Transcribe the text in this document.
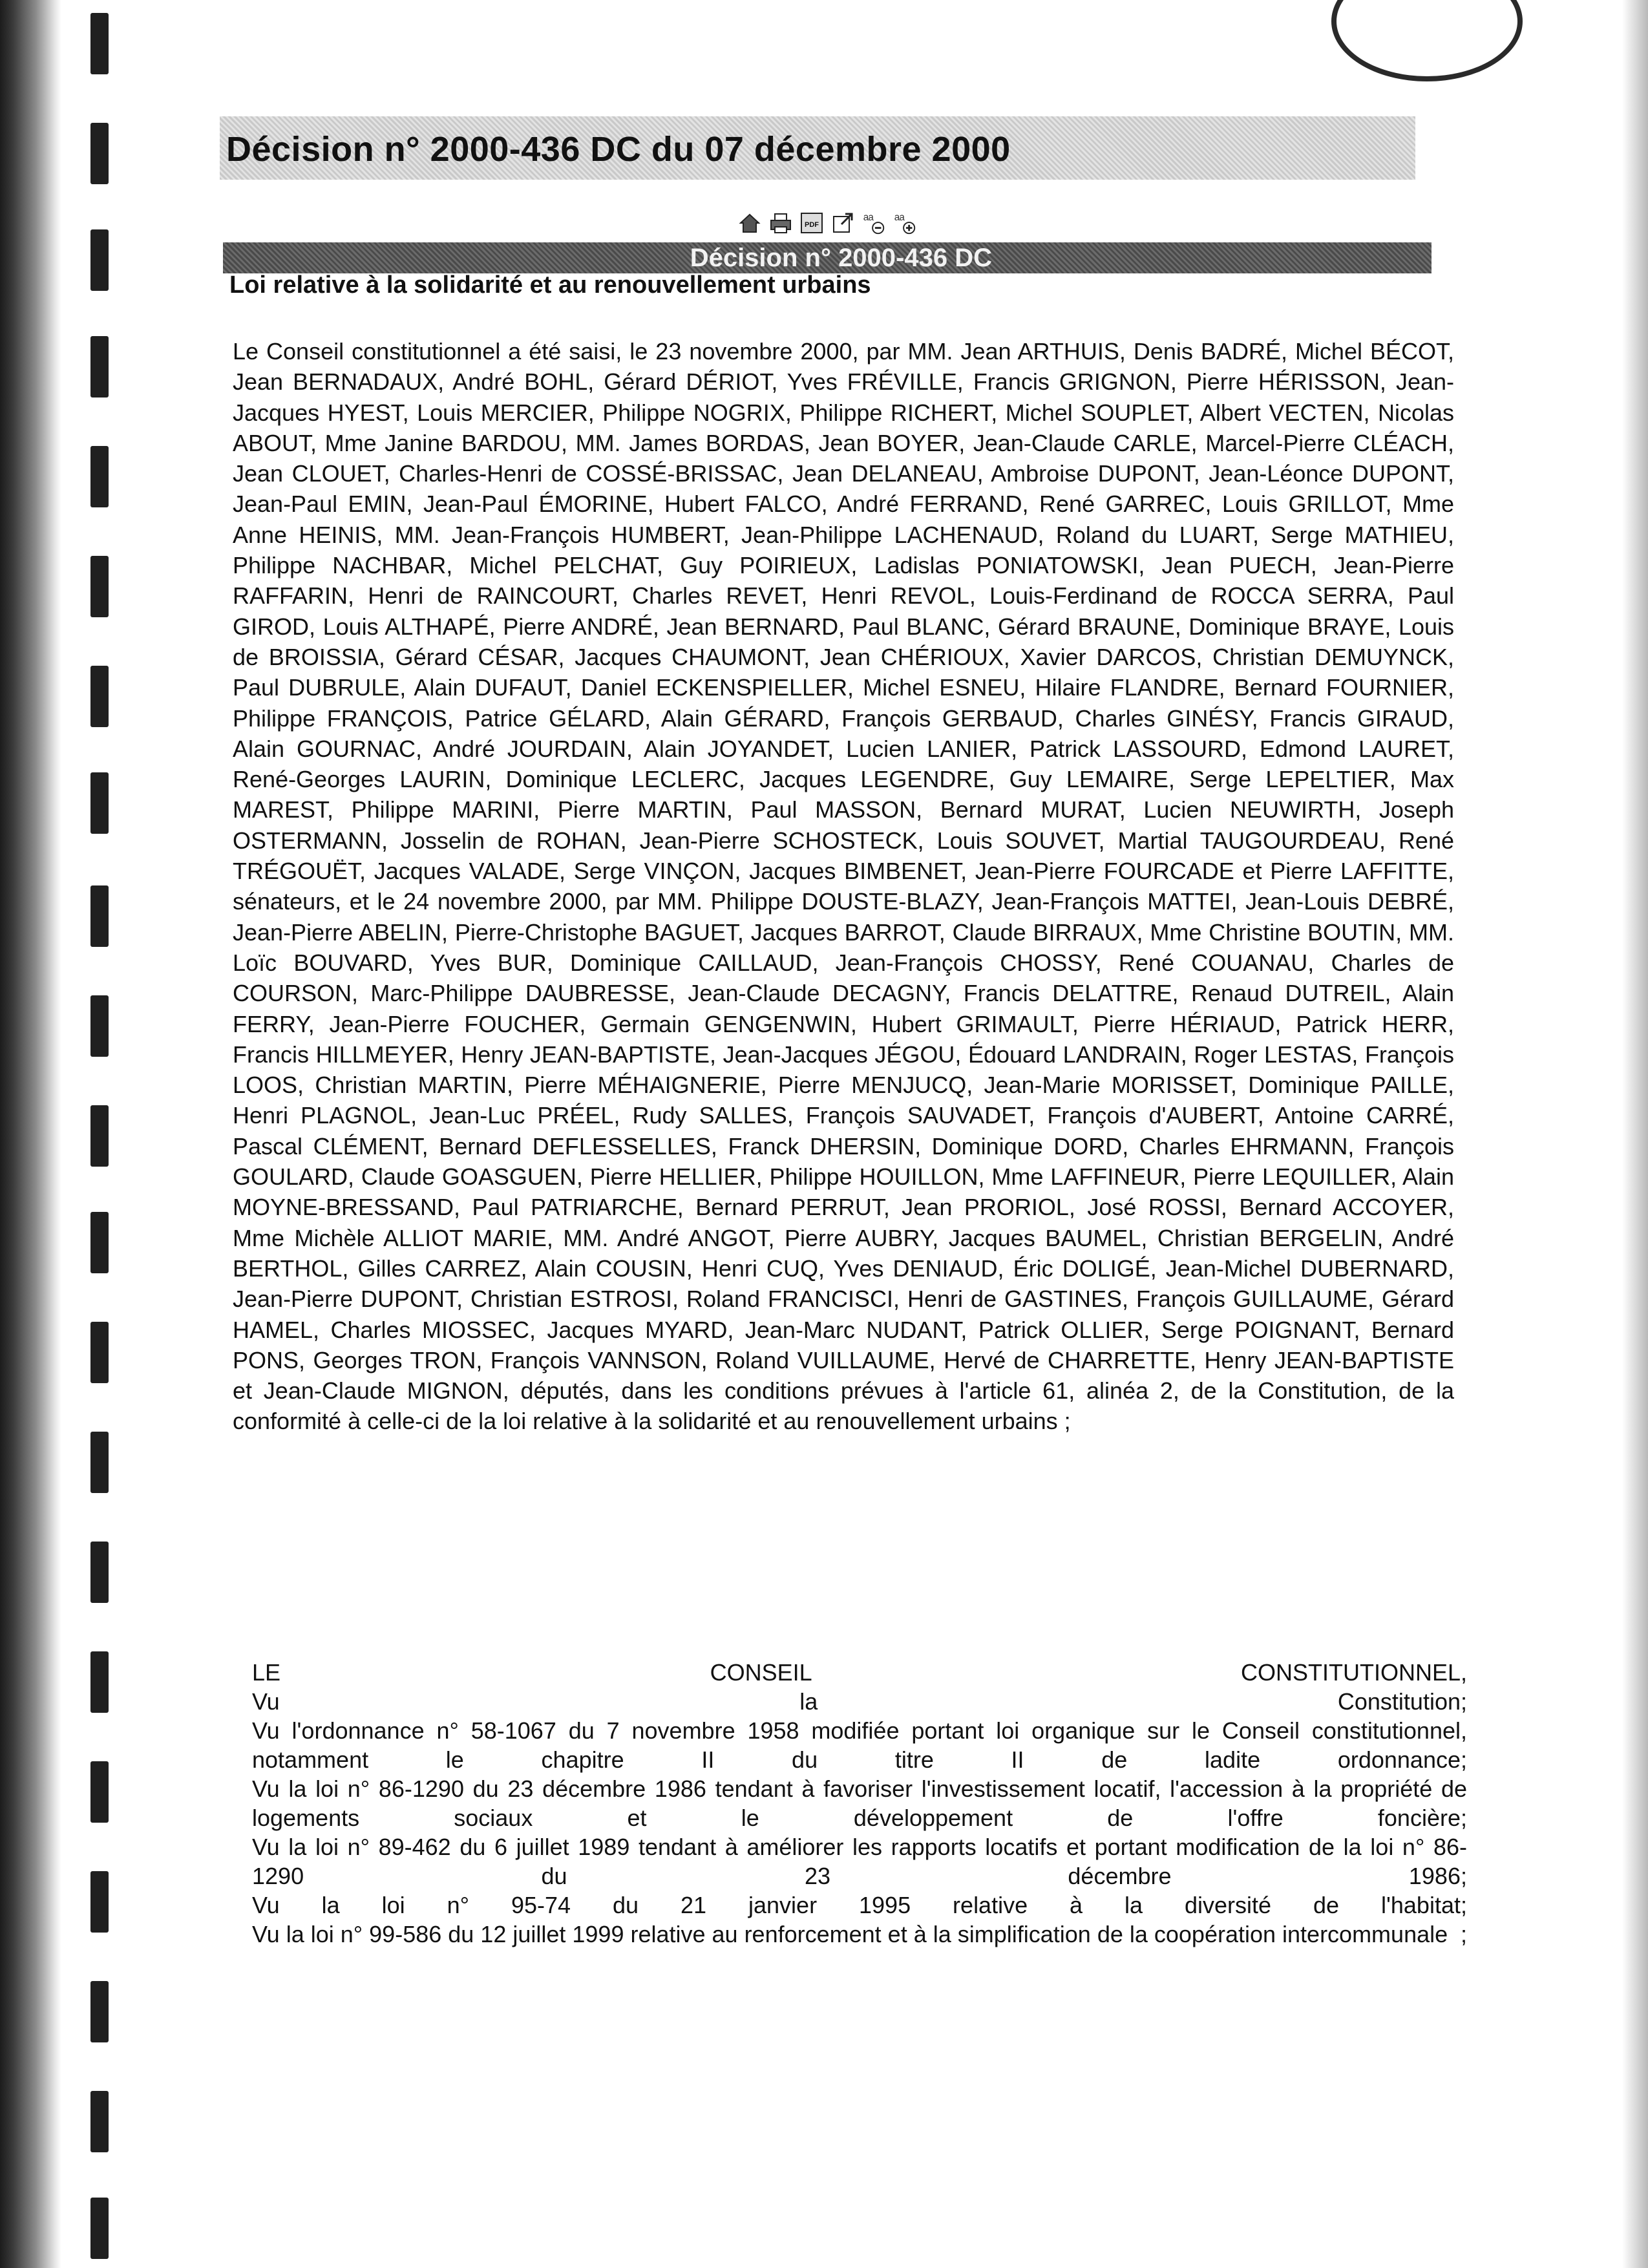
Décision n° 2000-436 DC du 07 décembre 2000
PDF
a a a a
Décision n° 2000-436 DC
Loi relative à la solidarité et au renouvellement urbains
Le Conseil constitutionnel a été saisi, le 23 novembre 2000, par MM. Jean ARTHUIS, Denis BADRÉ, Michel BÉCOT, Jean BERNADAUX, André BOHL, Gérard DÉRIOT, Yves FRÉVILLE, Francis GRIGNON, Pierre HÉRISSON, Jean-Jacques HYEST, Louis MERCIER, Philippe NOGRIX, Philippe RICHERT, Michel SOUPLET, Albert VECTEN, Nicolas ABOUT, Mme Janine BARDOU, MM. James BORDAS, Jean BOYER, Jean-Claude CARLE, Marcel-Pierre CLÉACH, Jean CLOUET, Charles-Henri de COSSÉ-BRISSAC, Jean DELANEAU, Ambroise DUPONT, Jean-Léonce DUPONT, Jean-Paul EMIN, Jean-Paul ÉMORINE, Hubert FALCO, André FERRAND, René GARREC, Louis GRILLOT, Mme Anne HEINIS, MM. Jean-François HUMBERT, Jean-Philippe LACHENAUD, Roland du LUART, Serge MATHIEU, Philippe NACHBAR, Michel PELCHAT, Guy POIRIEUX, Ladislas PONIATOWSKI, Jean PUECH, Jean-Pierre RAFFARIN, Henri de RAINCOURT, Charles REVET, Henri REVOL, Louis-Ferdinand de ROCCA SERRA, Paul GIROD, Louis ALTHAPÉ, Pierre ANDRÉ, Jean BERNARD, Paul BLANC, Gérard BRAUNE, Dominique BRAYE, Louis de BROISSIA, Gérard CÉSAR, Jacques CHAUMONT, Jean CHÉRIOUX, Xavier DARCOS, Christian DEMUYNCK, Paul DUBRULE, Alain DUFAUT, Daniel ECKENSPIELLER, Michel ESNEU, Hilaire FLANDRE, Bernard FOURNIER, Philippe FRANÇOIS, Patrice GÉLARD, Alain GÉRARD, François GERBAUD, Charles GINÉSY, Francis GIRAUD, Alain GOURNAC, André JOURDAIN, Alain JOYANDET, Lucien LANIER, Patrick LASSOURD, Edmond LAURET, René-Georges LAURIN, Dominique LECLERC, Jacques LEGENDRE, Guy LEMAIRE, Serge LEPELTIER, Max MAREST, Philippe MARINI, Pierre MARTIN, Paul MASSON, Bernard MURAT, Lucien NEUWIRTH, Joseph OSTERMANN, Josselin de ROHAN, Jean-Pierre SCHOSTECK, Louis SOUVET, Martial TAUGOURDEAU, René TRÉGOUËT, Jacques VALADE, Serge VINÇON, Jacques BIMBENET, Jean-Pierre FOURCADE et Pierre LAFFITTE, sénateurs, et le 24 novembre 2000, par MM. Philippe DOUSTE-BLAZY, Jean-François MATTEI, Jean-Louis DEBRÉ, Jean-Pierre ABELIN, Pierre-Christophe BAGUET, Jacques BARROT, Claude BIRRAUX, Mme Christine BOUTIN, MM. Loïc BOUVARD, Yves BUR, Dominique CAILLAUD, Jean-François CHOSSY, René COUANAU, Charles de COURSON, Marc-Philippe DAUBRESSE, Jean-Claude DECAGNY, Francis DELATTRE, Renaud DUTREIL, Alain FERRY, Jean-Pierre FOUCHER, Germain GENGENWIN, Hubert GRIMAULT, Pierre HÉRIAUD, Patrick HERR, Francis HILLMEYER, Henry JEAN-BAPTISTE, Jean-Jacques JÉGOU, Édouard LANDRAIN, Roger LESTAS, François LOOS, Christian MARTIN, Pierre MÉHAIGNERIE, Pierre MENJUCQ, Jean-Marie MORISSET, Dominique PAILLE, Henri PLAGNOL, Jean-Luc PRÉEL, Rudy SALLES, François SAUVADET, François d'AUBERT, Antoine CARRÉ, Pascal CLÉMENT, Bernard DEFLESSELLES, Franck DHERSIN, Dominique DORD, Charles EHRMANN, François GOULARD, Claude GOASGUEN, Pierre HELLIER, Philippe HOUILLON, Mme LAFFINEUR, Pierre LEQUILLER, Alain MOYNE-BRESSAND, Paul PATRIARCHE, Bernard PERRUT, Jean PRORIOL, José ROSSI, Bernard ACCOYER, Mme Michèle ALLIOT MARIE, MM. André ANGOT, Pierre AUBRY, Jacques BAUMEL, Christian BERGELIN, André BERTHOL, Gilles CARREZ, Alain COUSIN, Henri CUQ, Yves DENIAUD, Éric DOLIGÉ, Jean-Michel DUBERNARD, Jean-Pierre DUPONT, Christian ESTROSI, Roland FRANCISCI, Henri de GASTINES, François GUILLAUME, Gérard HAMEL, Charles MIOSSEC, Jacques MYARD, Jean-Marc NUDANT, Patrick OLLIER, Serge POIGNANT, Bernard PONS, Georges TRON, François VANNSON, Roland VUILLAUME, Hervé de CHARRETTE, Henry JEAN-BAPTISTE et Jean-Claude MIGNON, députés, dans les conditions prévues à l'article 61, alinéa 2, de la Constitution, de la conformité à celle-ci de la loi relative à la solidarité et au renouvellement urbains ;
LE CONSEIL CONSTITUTIONNEL,
Vu la Constitution ;
Vu l'ordonnance n° 58-1067 du 7 novembre 1958 modifiée portant loi organique sur le Conseil constitutionnel, notamment le chapitre II du titre II de ladite ordonnance ;
Vu la loi n° 86-1290 du 23 décembre 1986 tendant à favoriser l'investissement locatif, l'accession à la propriété de logements sociaux et le développement de l'offre foncière ;
Vu la loi n° 89-462 du 6 juillet 1989 tendant à améliorer les rapports locatifs et portant modification de la loi n° 86-1290 du 23 décembre 1986 ;
Vu la loi n° 95-74 du 21 janvier 1995 relative à la diversité de l'habitat ;
Vu la loi n° 99-586 du 12 juillet 1999 relative au renforcement et à la simplification de la coopération intercommunale ;
